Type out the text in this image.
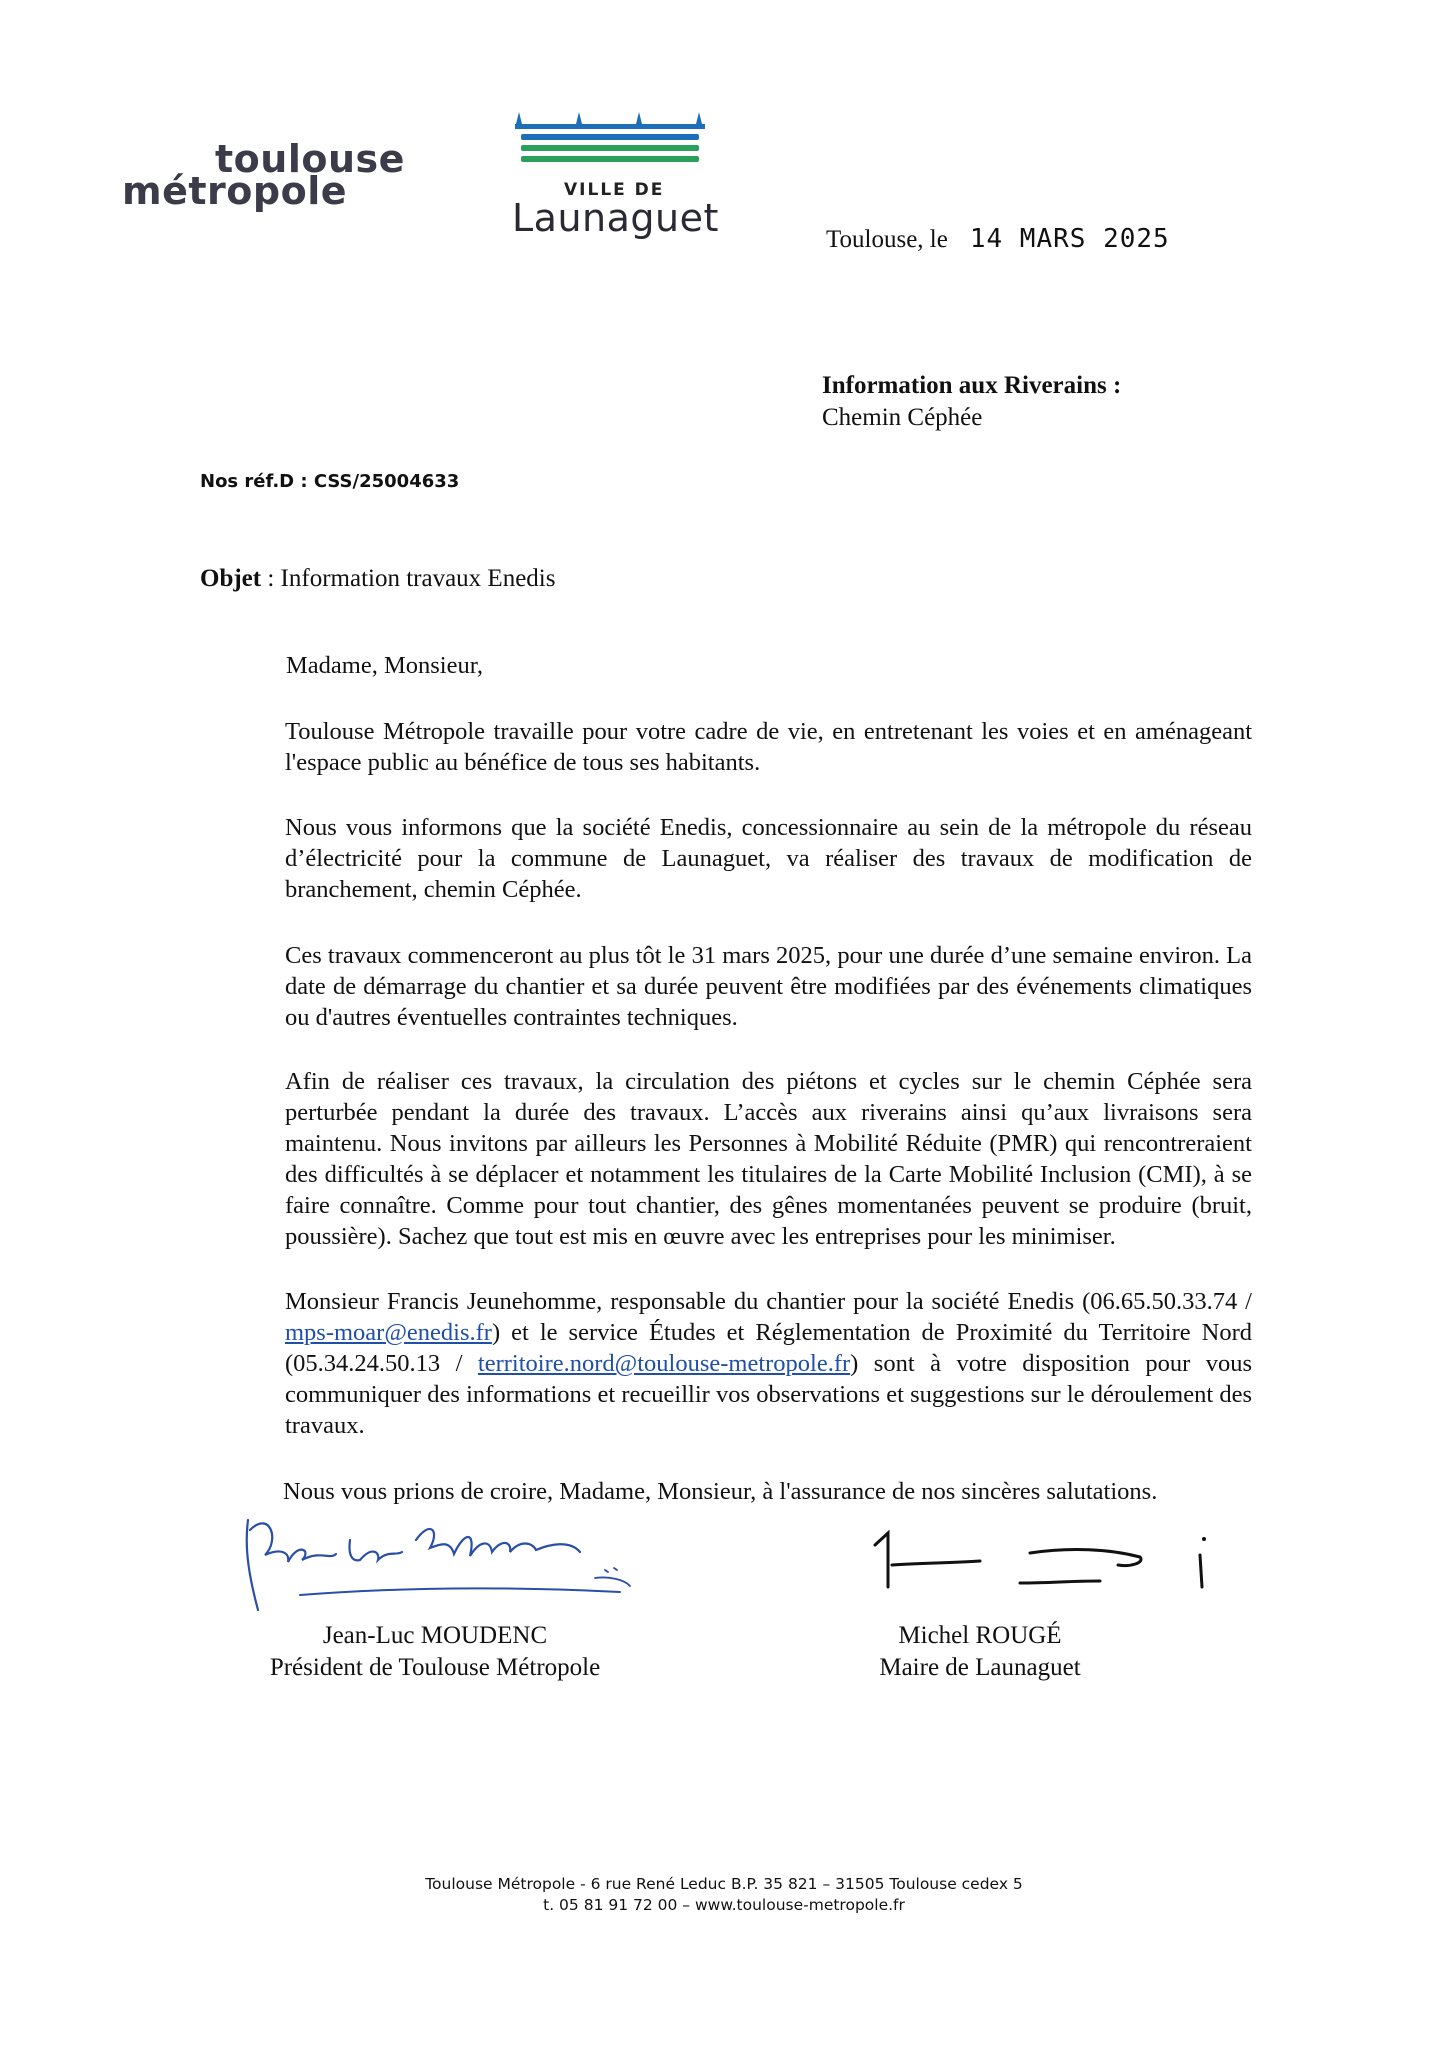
toulouse
métropole	VILLE DE
Launaguet	Toulouse, le 14 MARS 2025
Information aux Riverains :
Chemin Céphée
Nos réf.D : CSS/25004633
Objet : Information travaux Enedis
Madame, Monsieur,
Toulouse Métropole travaille pour votre cadre de vie, en entretenant les voies et en aménageant l'espace public au bénéfice de tous ses habitants.
Nous vous informons que la société Enedis, concessionnaire au sein de la métropole du réseau d’électricité pour la commune de Launaguet, va réaliser des travaux de modification de branchement, chemin Céphée.
Ces travaux commenceront au plus tôt le 31 mars 2025, pour une durée d’une semaine environ. La date de démarrage du chantier et sa durée peuvent être modifiées par des événements climatiques ou d'autres éventuelles contraintes techniques.
Afin de réaliser ces travaux, la circulation des piétons et cycles sur le chemin Céphée sera perturbée pendant la durée des travaux. L’accès aux riverains ainsi qu’aux livraisons sera maintenu. Nous invitons par ailleurs les Personnes à Mobilité Réduite (PMR) qui rencontreraient des difficultés à se déplacer et notamment les titulaires de la Carte Mobilité Inclusion (CMI), à se faire connaître. Comme pour tout chantier, des gênes momentanées peuvent se produire (bruit, poussière). Sachez que tout est mis en œuvre avec les entreprises pour les minimiser.
Monsieur Francis Jeunehomme, responsable du chantier pour la société Enedis (06.65.50.33.74 / mps-moar@enedis.fr) et le service Études et Réglementation de Proximité du Territoire Nord (05.34.24.50.13 / territoire.nord@toulouse-metropole.fr) sont à votre disposition pour vous communiquer des informations et recueillir vos observations et suggestions sur le déroulement des travaux.
Nous vous prions de croire, Madame, Monsieur, à l'assurance de nos sincères salutations.
Jean-Luc MOUDENC
Président de Toulouse Métropole
Michel ROUGÉ
Maire de Launaguet
Toulouse Métropole - 6 rue René Leduc B.P. 35 821 – 31505 Toulouse cedex 5
t. 05 81 91 72 00 – www.toulouse-metropole.fr
